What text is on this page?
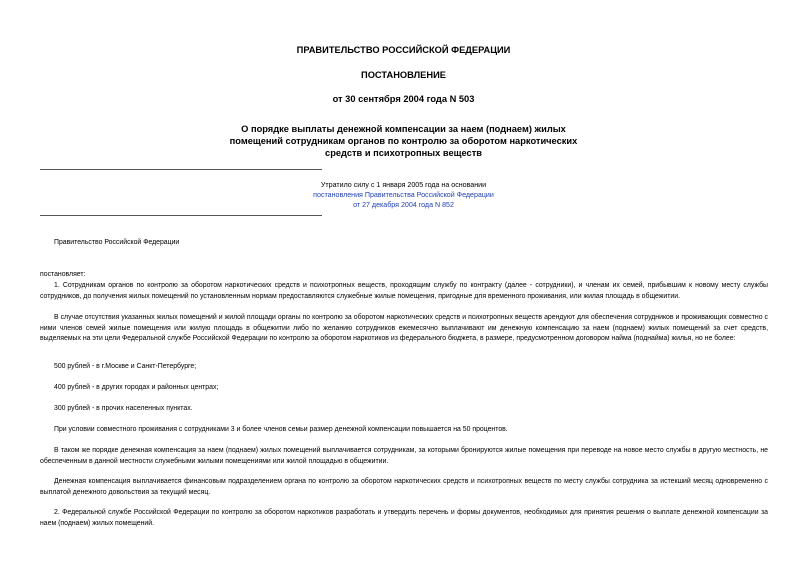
ПРАВИТЕЛЬСТВО РОССИЙСКОЙ ФЕДЕРАЦИИ
ПОСТАНОВЛЕНИЕ
от 30 сентября 2004 года N 503
О порядке выплаты денежной компенсации за наем (поднаем) жилых
помещений сотрудникам органов по контролю за оборотом наркотических
средств и психотропных веществ
Утратило силу с 1 января 2005 года на основании
постановления Правительства Российской Федерации
от 27 декабря 2004 года N 852

Правительство Российской Федерации

постановляет:

1. Сотрудникам органов по контролю за оборотом наркотических средств и психотропных веществ, проходящим службу по контракту (далее - сотрудники), и членам их семей, прибывшим к новому месту службы сотрудников, до получения жилых помещений по установленным нормам предоставляются служебные жилые помещения, пригодные для временного проживания, или жилая площадь в общежитии.

В случае отсутствия указанных жилых помещений и жилой площади органы по контролю за оборотом наркотических средств и психотропных веществ арендуют для обеспечения сотрудников и проживающих совместно с ними членов семей жилые помещения или жилую площадь в общежитии либо по желанию сотрудников ежемесячно выплачивают им денежную компенсацию за наем (поднаем) жилых помещений за счет средств, выделяемых на эти цели Федеральной службе Российской Федерации по контролю за оборотом наркотиков из федерального бюджета, в размере, предусмотренном договором найма (поднайма) жилья, но не более:

500 рублей - в г.Москве и Санкт-Петербурге;

400 рублей - в других городах и районных центрах;

300 рублей - в прочих населенных пунктах.

При условии совместного проживания с сотрудниками 3 и более членов семьи размер денежной компенсации повышается на 50 процентов.

В таком же порядке денежная компенсация за наем (поднаем) жилых помещений выплачивается сотрудникам, за которыми бронируются жилые помещения при переводе на новое место службы в другую местность, не обеспеченным в данной местности служебными жилыми помещениями или жилой площадью в общежитии.

Денежная компенсация выплачивается финансовым подразделением органа по контролю за оборотом наркотических средств и психотропных веществ по месту службы сотрудника за истекший месяц одновременно с выплатой денежного довольствия за текущий месяц.

2. Федеральной службе Российской Федерации по контролю за оборотом наркотиков разработать и утвердить перечень и формы документов, необходимых для принятия решения о выплате денежной компенсации за наем (поднаем) жилых помещений.
